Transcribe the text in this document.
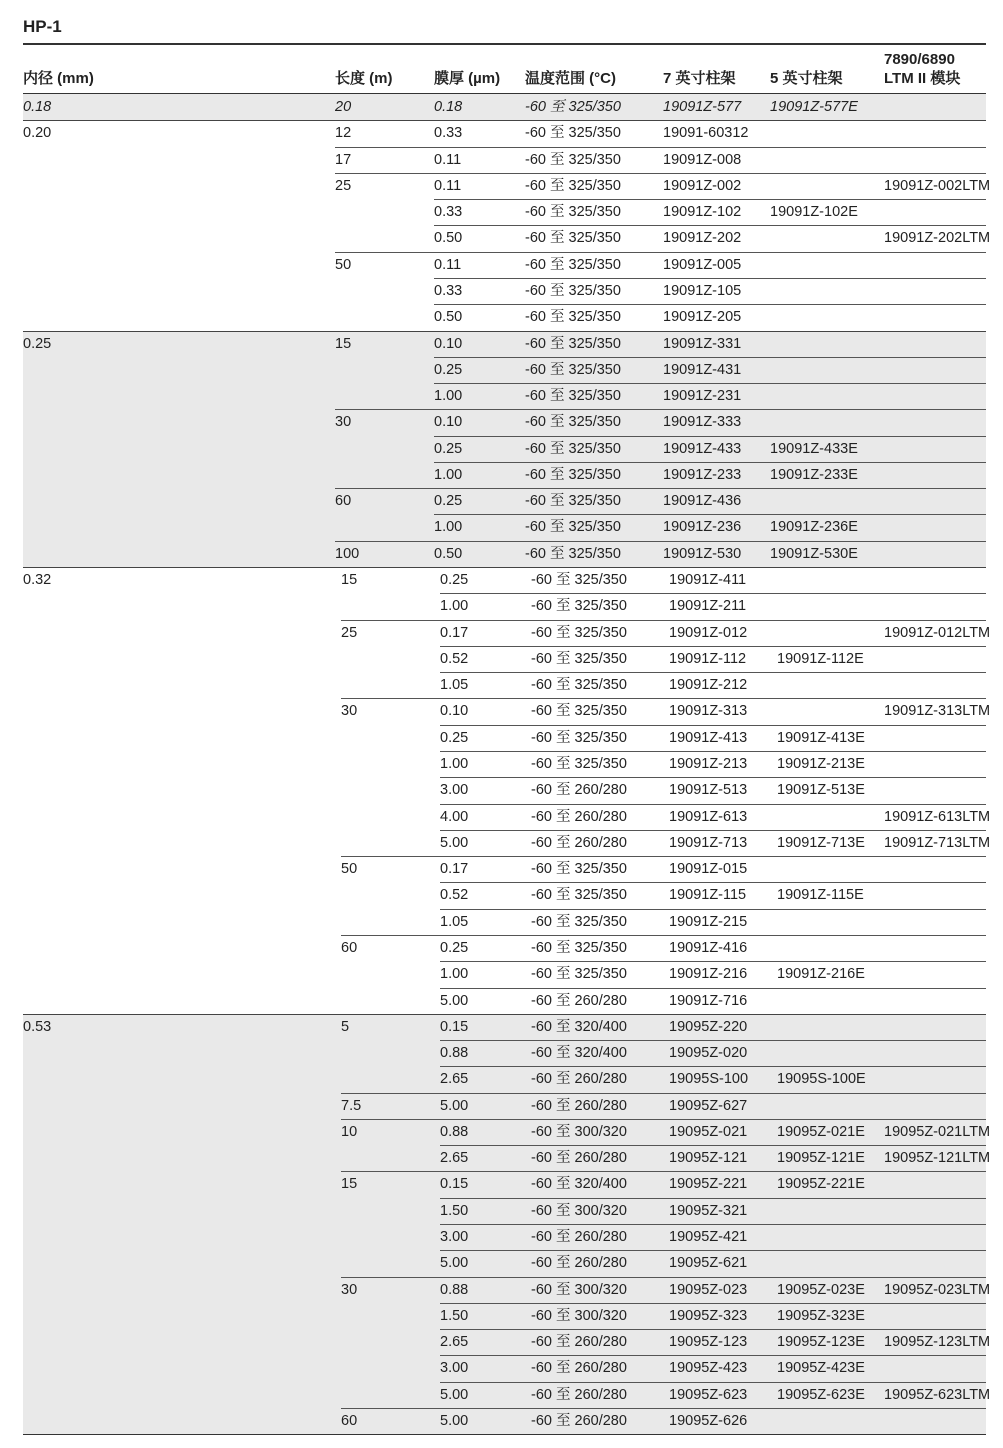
HP-1
内径 (mm)	长度 (m)	膜厚 (µm) 温度范围 (°C)	7 英寸柱架 5 英寸柱架
7890/6890
LTM II 模块
0.18	20	0.18	-60 至 325/350	19091Z-577 19091Z-577E
0.20	12	0.33	-60 至 325/350	19091-60312
17	0.11	-60 至 325/350	19091Z-008
25	0.11	-60 至 325/350	19091Z-002	19091Z-002LTM
0.33	-60 至 325/350	19091Z-102 19091Z-102E
0.50	-60 至 325/350	19091Z-202	19091Z-202LTM
50	0.11	-60 至 325/350	19091Z-005
0.33	-60 至 325/350	19091Z-105
0.50	-60 至 325/350	19091Z-205
0.25	15	0.10	-60 至 325/350	19091Z-331
0.25	-60 至 325/350	19091Z-431
1.00	-60 至 325/350	19091Z-231
30	0.10	-60 至 325/350	19091Z-333
0.25	-60 至 325/350	19091Z-433 19091Z-433E
1.00	-60 至 325/350	19091Z-233 19091Z-233E
60	0.25	-60 至 325/350	19091Z-436
1.00	-60 至 325/350	19091Z-236 19091Z-236E
100	0.50	-60 至 325/350	19091Z-530 19091Z-530E
0.32	15	0.25	-60 至 325/350	19091Z-411
1.00	-60 至 325/350	19091Z-211
25	0.17	-60 至 325/350	19091Z-012	19091Z-012LTM
0.52	-60 至 325/350	19091Z-112 19091Z-112E
1.05	-60 至 325/350	19091Z-212
30	0.10	-60 至 325/350	19091Z-313	19091Z-313LTM
0.25	-60 至 325/350	19091Z-413 19091Z-413E
1.00	-60 至 325/350	19091Z-213 19091Z-213E
3.00	-60 至 260/280	19091Z-513 19091Z-513E
4.00	-60 至 260/280	19091Z-613	19091Z-613LTM
5.00	-60 至 260/280	19091Z-713 19091Z-713E 19091Z-713LTM
50	0.17	-60 至 325/350	19091Z-015
0.52	-60 至 325/350	19091Z-115 19091Z-115E
1.05	-60 至 325/350	19091Z-215
60	0.25	-60 至 325/350	19091Z-416
1.00	-60 至 325/350	19091Z-216 19091Z-216E
5.00	-60 至 260/280	19091Z-716
0.53	5	0.15	-60 至 320/400	19095Z-220
0.88	-60 至 320/400	19095Z-020
2.65	-60 至 260/280	19095S-100 19095S-100E
7.5	5.00	-60 至 260/280	19095Z-627
10	0.88	-60 至 300/320	19095Z-021 19095Z-021E 19095Z-021LTM
2.65	-60 至 260/280	19095Z-121 19095Z-121E 19095Z-121LTM
15	0.15	-60 至 320/400	19095Z-221 19095Z-221E
1.50	-60 至 300/320	19095Z-321
3.00	-60 至 260/280	19095Z-421
5.00	-60 至 260/280	19095Z-621
30	0.88	-60 至 300/320	19095Z-023 19095Z-023E 19095Z-023LTM
1.50	-60 至 300/320	19095Z-323 19095Z-323E
2.65	-60 至 260/280	19095Z-123 19095Z-123E 19095Z-123LTM
3.00	-60 至 260/280	19095Z-423 19095Z-423E
5.00	-60 至 260/280	19095Z-623 19095Z-623E 19095Z-623LTM
60	5.00	-60 至 260/280	19095Z-626
